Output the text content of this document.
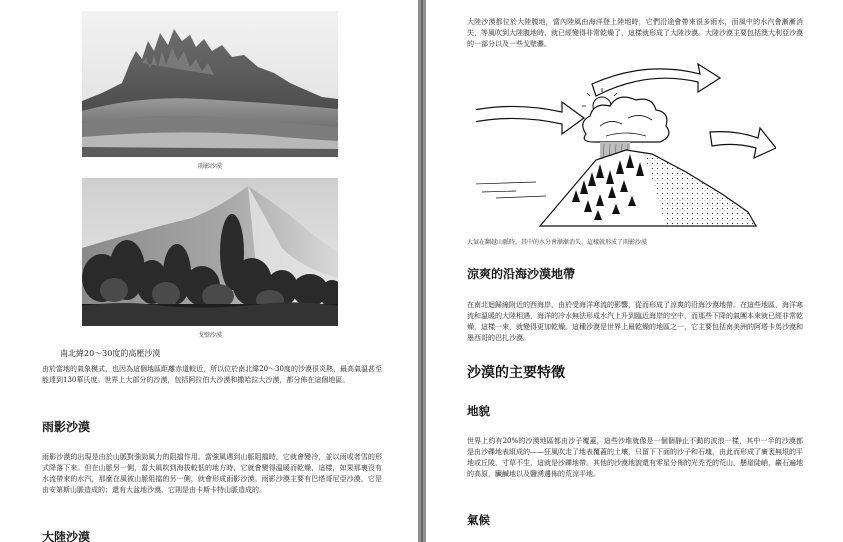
雨影沙漠
戈壁沙漠
南北緯20～30度的高壓沙漠
由於當地的氣象模式，也因為這個地區距離赤道較近，所以位於南北緯20～30度的沙漠很炎熱，最高氣溫甚至能達到130華氏度。世界上大部分的沙漠，包括阿拉伯大沙漠和撒哈拉大沙漠，都分佈在這個地區。
雨影沙漠
雨影沙漠的出現是由於山脈對強勁風力的阻擋作用。當強風遇到山脈阻擋時，它就會變冷，並以雨或者雪的形式降落下來。但在山脈另一側，當大風吹到海拔較低的地方時，它就會變得溫暖而乾燥，這樣，如果那裏沒有水流帶來的水汽，那麼在風被山脈阻擋的另一側，就會形成雨影沙漠。雨影沙漠主要有巴塔哥尼亞沙漠，它是由安第斯山脈造成的；還有大盆地沙漠，它則是由卡斯卡特山脈造成的。
大陸沙漠
大陸沙漠都位於大陸腹地，當內陸風由海洋登上陸地時，它們沿途會帶來很多雨水，而風中的水汽會漸漸消失，等風吹到大陸腹地時，就已經變得非常乾燥了，這樣就形成了大陸沙漠。大陸沙漠主要包括澳大利亞沙漠的一部分以及一些戈壁灘。
大氣在翻越山脈時，其中的水分會漸漸消失，這樣就形成了雨影沙漠
涼爽的沿海沙漠地帶
在南北迴歸線附近的西海岸，由於受海洋寒流的影響，從而形成了涼爽的沿海沙漠地帶。在這些地區，海洋寒流和溫暖的大陸相遇，海洋的冷水無法形成水汽上升到臨近海岸的空中，而那些下降的氣團本來就已經非常乾燥，這樣一來，就變得更加乾燥。這種沙漠是世界上最乾燥的地區之一，它主要包括南美洲的阿塔卡馬沙漠和墨西哥的巴扎沙漠。
沙漠的主要特徵
地貌
世界上約有20%的沙漠地區都由沙子覆蓋，這些沙堆就像是一個個靜止不動的波浪一樣，其中一半的沙漠都是由沙礫地表組成的——狂風吹走了地表覆蓋的土壤，只留下下面的沙子和石塊，由此而形成了廣袤無垠的平地或丘陵，寸草不生，這就是沙礫地帶。其他的沙漠地貌還有零星分佈的光禿禿的荒山，懸崖陡峭，巖石遍地的高原，臟鹹地以及鹽湧邊佈的荒涼平地。
氣候
